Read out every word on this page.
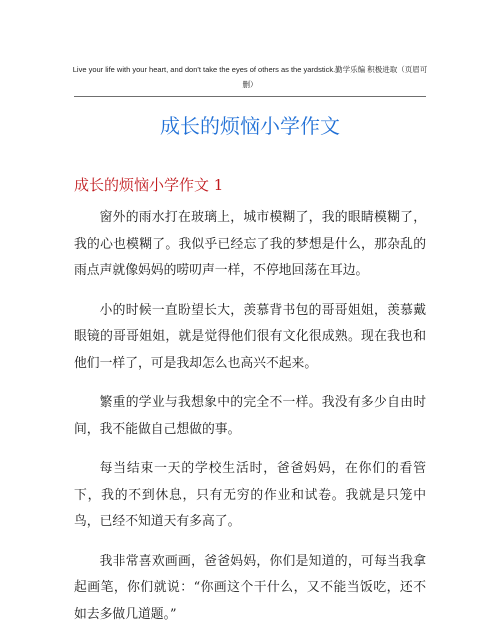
Live your life with your heart, and don't take the eyes of others as the yardstick.勤学乐编 积极进取（页眉可删）
成长的烦恼小学作文
成长的烦恼小学作文 1

窗外的雨水打在玻璃上，城市模糊了，我的眼睛模糊了，我的心也模糊了。我似乎已经忘了我的梦想是什么，那杂乱的雨点声就像妈妈的唠叨声一样，不停地回荡在耳边。

小的时候一直盼望长大，羡慕背书包的哥哥姐姐，羡慕戴眼镜的哥哥姐姐，就是觉得他们很有文化很成熟。现在我也和他们一样了，可是我却怎么也高兴不起来。

繁重的学业与我想象中的完全不一样。我没有多少自由时间，我不能做自己想做的事。

每当结束一天的学校生活时，爸爸妈妈，在你们的看管下，我的不到休息，只有无穷的作业和试卷。我就是只笼中鸟，已经不知道天有多高了。

我非常喜欢画画，爸爸妈妈，你们是知道的，可每当我拿起画笔，你们就说：“你画这个干什么，又不能当饭吃，还不如去多做几道题。”
